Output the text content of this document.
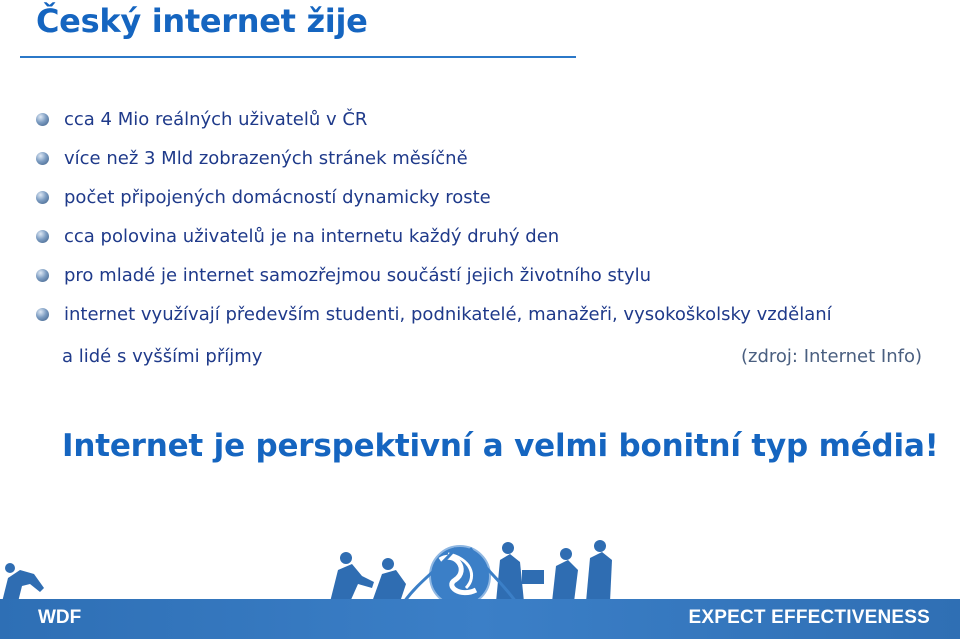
Český internet žije
cca 4 Mio reálných uživatelů v ČR
více než 3 Mld zobrazených stránek měsíčně
počet připojených domácností dynamicky roste
cca polovina uživatelů je na internetu každý druhý den
pro mladé je internet samozřejmou součástí jejich životního stylu
internet využívají především studenti, podnikatelé, manažeři, vysokoškolsky vzdělaní
a lidé s vyššími příjmy	(zdroj: Internet Info)
Internet je perspektivní a velmi bonitní typ média!
WDF	EXPECT EFFECTIVENESS
